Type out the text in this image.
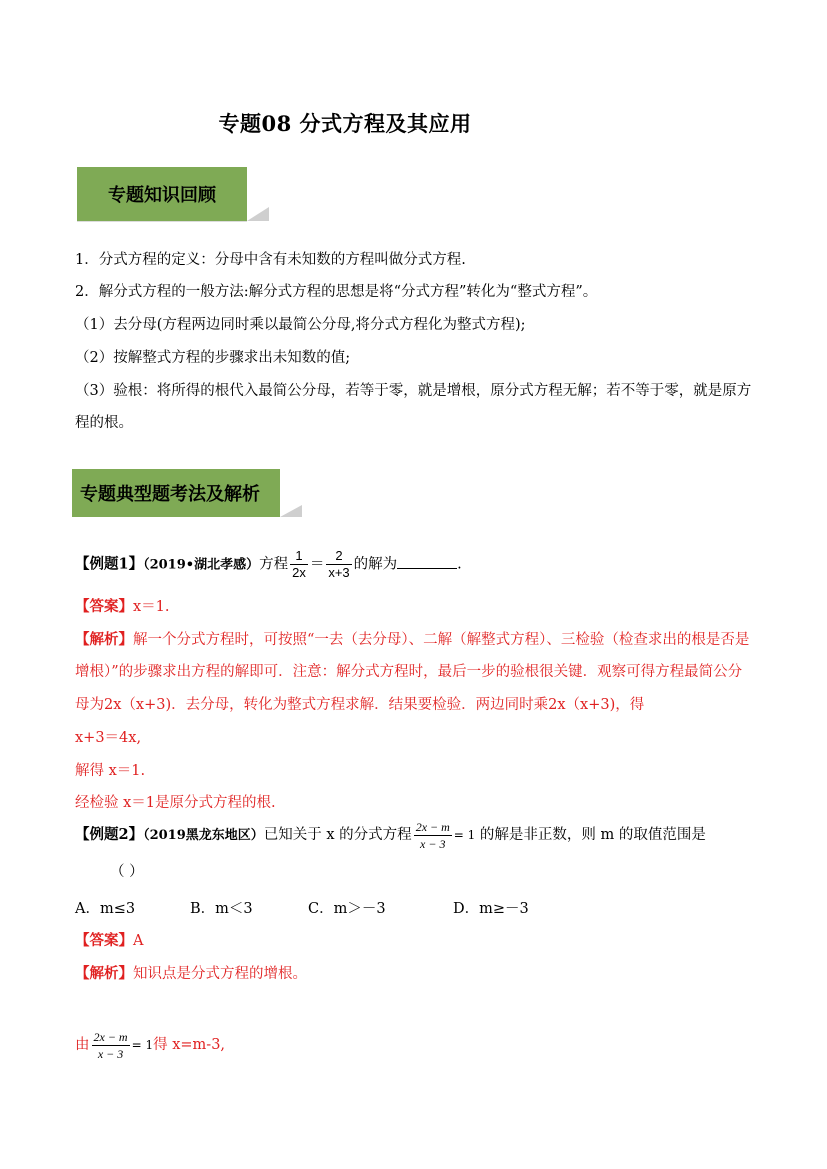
专题08 分式方程及其应用
专题知识回顾
1．分式方程的定义：分母中含有未知数的方程叫做分式方程.
2．解分式方程的一般方法:解分式方程的思想是将“分式方程”转化为“整式方程”。
（1）去分母(方程两边同时乘以最简公分母,将分式方程化为整式方程);
（2）按解整式方程的步骤求出未知数的值;
（3）验根：将所得的根代入最简公分母，若等于零，就是增根，原分式方程无解；若不等于零，就是原方
程的根。
专题典型题考法及解析
【例题1】（2019•湖北孝感）方程 $\frac{1}{2x} = \frac{2}{x+3}$ 的解为	.
【答案】x＝1.
【解析】解一个分式方程时，可按照“一去（去分母）、二解（解整式方程）、三检验（检查求出的根是否是
增根）”的步骤求出方程的解即可．注意：解分式方程时，最后一步的验根很关键．观察可得方程最简公分
母为2x（x+3)．去分母，转化为整式方程求解．结果要检验．两边同时乘2x（x+3)，得
x+3＝4x,
解得 x＝1.
经检验 x＝1是原分式方程的根.
【例题2】（2019黑龙东地区）已知关于 x 的分式方程 $\frac{2x - m}{x - 3} = 1$ 的解是非正数，则 m 的取值范围是
（ ）
A．m≤3	B．m＜3	C．m＞－3	D．m≥－3
【答案】A
【解析】知识点是分式方程的增根。
由 $\frac{2x - m}{x - 3} = 1$得 x=m-3,
